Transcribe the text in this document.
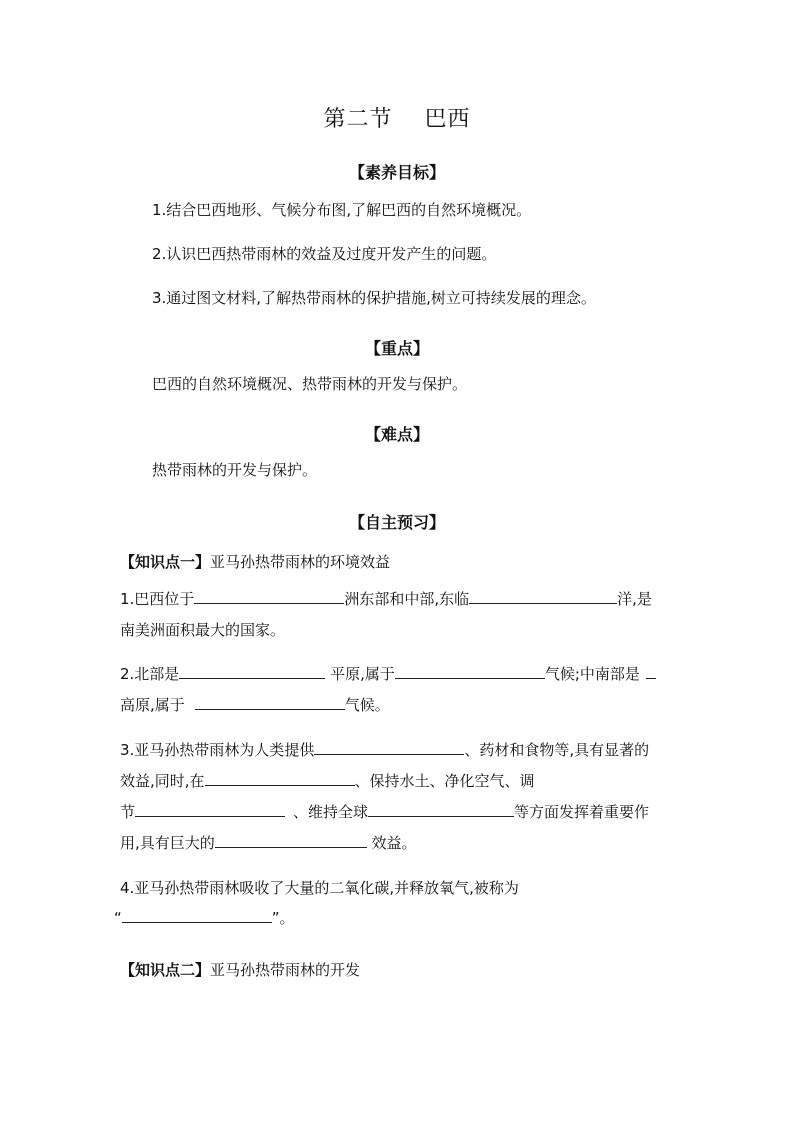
第二节    巴西
【素养目标】
1.结合巴西地形、气候分布图,了解巴西的自然环境概况。
2.认识巴西热带雨林的效益及过度开发产生的问题。
3.通过图文材料,了解热带雨林的保护措施,树立可持续发展的理念。
【重点】
巴西的自然环境概况、热带雨林的开发与保护。
【难点】
热带雨林的开发与保护。
【自主预习】
【知识点一】亚马孙热带雨林的环境效益
1.巴西位于	洲东部和中部,东临	洋,是
南美洲面积最大的国家。
2.北部是	平原,属于	气候;中南部是
高原,属于	气候。
3.亚马孙热带雨林为人类提供	、药材和食物等,具有显著的
效益,同时,在	、保持水土、净化空气、调
节	、维持全球	等方面发挥着重要作
用,具有巨大的	效益。
4.亚马孙热带雨林吸收了大量的二氧化碳,并释放氧气,被称为
“	”。
【知识点二】亚马孙热带雨林的开发
